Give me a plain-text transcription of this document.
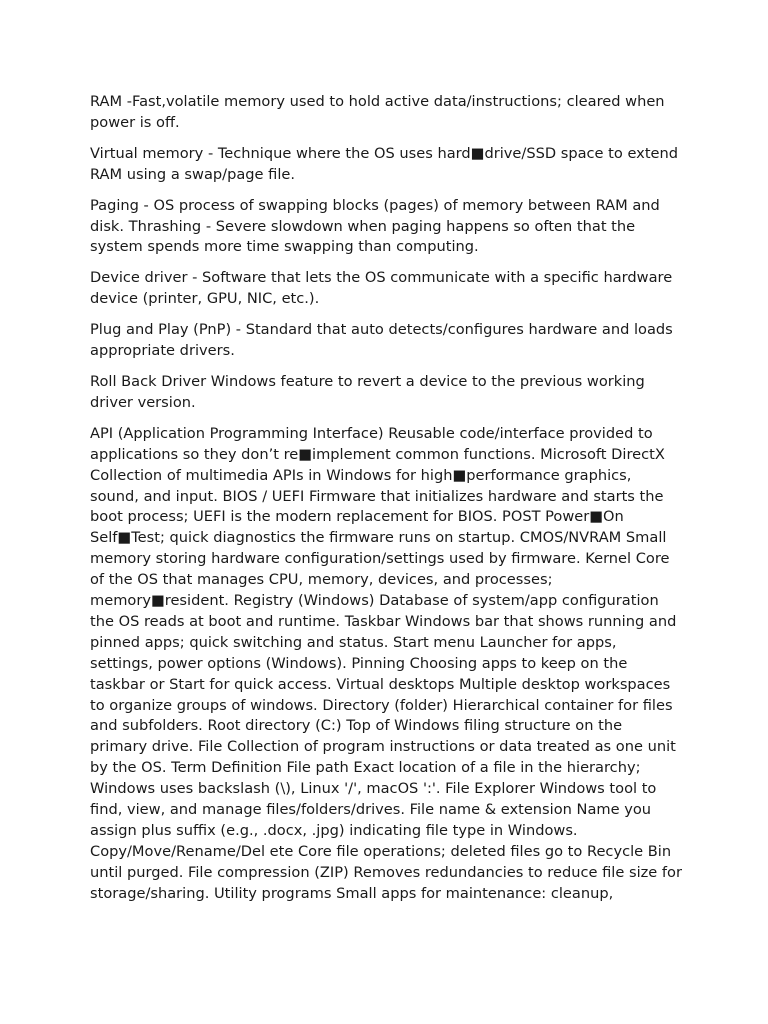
RAM -Fast,volatile memory used to hold active data/instructions; cleared when power is off.

Virtual memory - Technique where the OS uses hard■drive/SSD space to extend RAM using a swap/page file.

Paging - OS process of swapping blocks (pages) of memory between RAM and disk. Thrashing - Severe slowdown when paging happens so often that the system spends more time swapping than computing.

Device driver - Software that lets the OS communicate with a specific hardware device (printer, GPU, NIC, etc.).

Plug and Play (PnP) - Standard that auto detects/configures hardware and loads appropriate drivers.

Roll Back Driver Windows feature to revert a device to the previous working driver version.

API (Application Programming Interface) Reusable code/interface provided to applications so they don’t re■implement common functions. Microsoft DirectX Collection of multimedia APIs in Windows for high■performance graphics, sound, and input. BIOS / UEFI Firmware that initializes hardware and starts the boot process; UEFI is the modern replacement for BIOS. POST Power■On Self■Test; quick diagnostics the firmware runs on startup. CMOS/NVRAM Small memory storing hardware configuration/settings used by firmware. Kernel Core of the OS that manages CPU, memory, devices, and processes; memory■resident. Registry (Windows) Database of system/app configuration the OS reads at boot and runtime. Taskbar Windows bar that shows running and pinned apps; quick switching and status. Start menu Launcher for apps, settings, power options (Windows). Pinning Choosing apps to keep on the taskbar or Start for quick access. Virtual desktops Multiple desktop workspaces to organize groups of windows. Directory (folder) Hierarchical container for files and subfolders. Root directory (C:) Top of Windows filing structure on the primary drive. File Collection of program instructions or data treated as one unit by the OS. Term Definition File path Exact location of a file in the hierarchy; Windows uses backslash (\), Linux '/', macOS ':'. File Explorer Windows tool to find, view, and manage files/folders/drives. File name & extension Name you assign plus suffix (e.g., .docx, .jpg) indicating file type in Windows. Copy/Move/Rename/Del ete Core file operations; deleted files go to Recycle Bin until purged. File compression (ZIP) Removes redundancies to reduce file size for storage/sharing. Utility programs Small apps for maintenance: cleanup,
